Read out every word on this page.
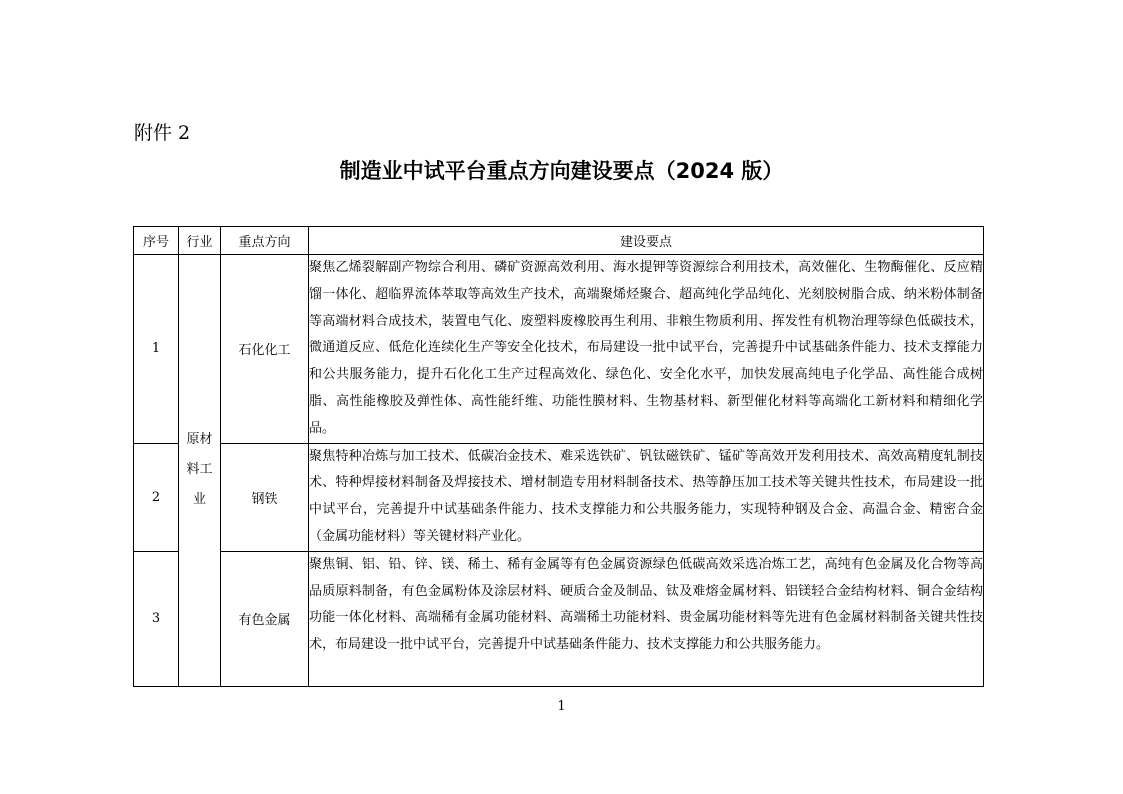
附件 2
制造业中试平台重点方向建设要点（2024 版）
序号	行业	重点方向	建设要点
1	原材料工业	石化化工	聚焦乙烯裂解副产物综合利用、磷矿资源高效利用、海水提钾等资源综合利用技术，高效催化、生物酶催化、反应精馏一体化、超临界流体萃取等高效生产技术，高端聚烯烃聚合、超高纯化学品纯化、光刻胶树脂合成、纳米粉体制备等高端材料合成技术，装置电气化、废塑料废橡胶再生利用、非粮生物质利用、挥发性有机物治理等绿色低碳技术，微通道反应、低危化连续化生产等安全化技术，布局建设一批中试平台，完善提升中试基础条件能力、技术支撑能力和公共服务能力，提升石化化工生产过程高效化、绿色化、安全化水平，加快发展高纯电子化学品、高性能合成树脂、高性能橡胶及弹性体、高性能纤维、功能性膜材料、生物基材料、新型催化材料等高端化工新材料和精细化学品。
2		钢铁	聚焦特种冶炼与加工技术、低碳冶金技术、难采选铁矿、钒钛磁铁矿、锰矿等高效开发利用技术、高效高精度轧制技术、特种焊接材料制备及焊接技术、增材制造专用材料制备技术、热等静压加工技术等关键共性技术，布局建设一批中试平台，完善提升中试基础条件能力、技术支撑能力和公共服务能力，实现特种钢及合金、高温合金、精密合金（金属功能材料）等关键材料产业化。
3		有色金属	聚焦铜、铝、铅、锌、镁、稀土、稀有金属等有色金属资源绿色低碳高效采选冶炼工艺，高纯有色金属及化合物等高品质原料制备，有色金属粉体及涂层材料、硬质合金及制品、钛及难熔金属材料、铝镁轻合金结构材料、铜合金结构功能一体化材料、高端稀有金属功能材料、高端稀土功能材料、贵金属功能材料等先进有色金属材料制备关键共性技术，布局建设一批中试平台，完善提升中试基础条件能力、技术支撑能力和公共服务能力。
1
